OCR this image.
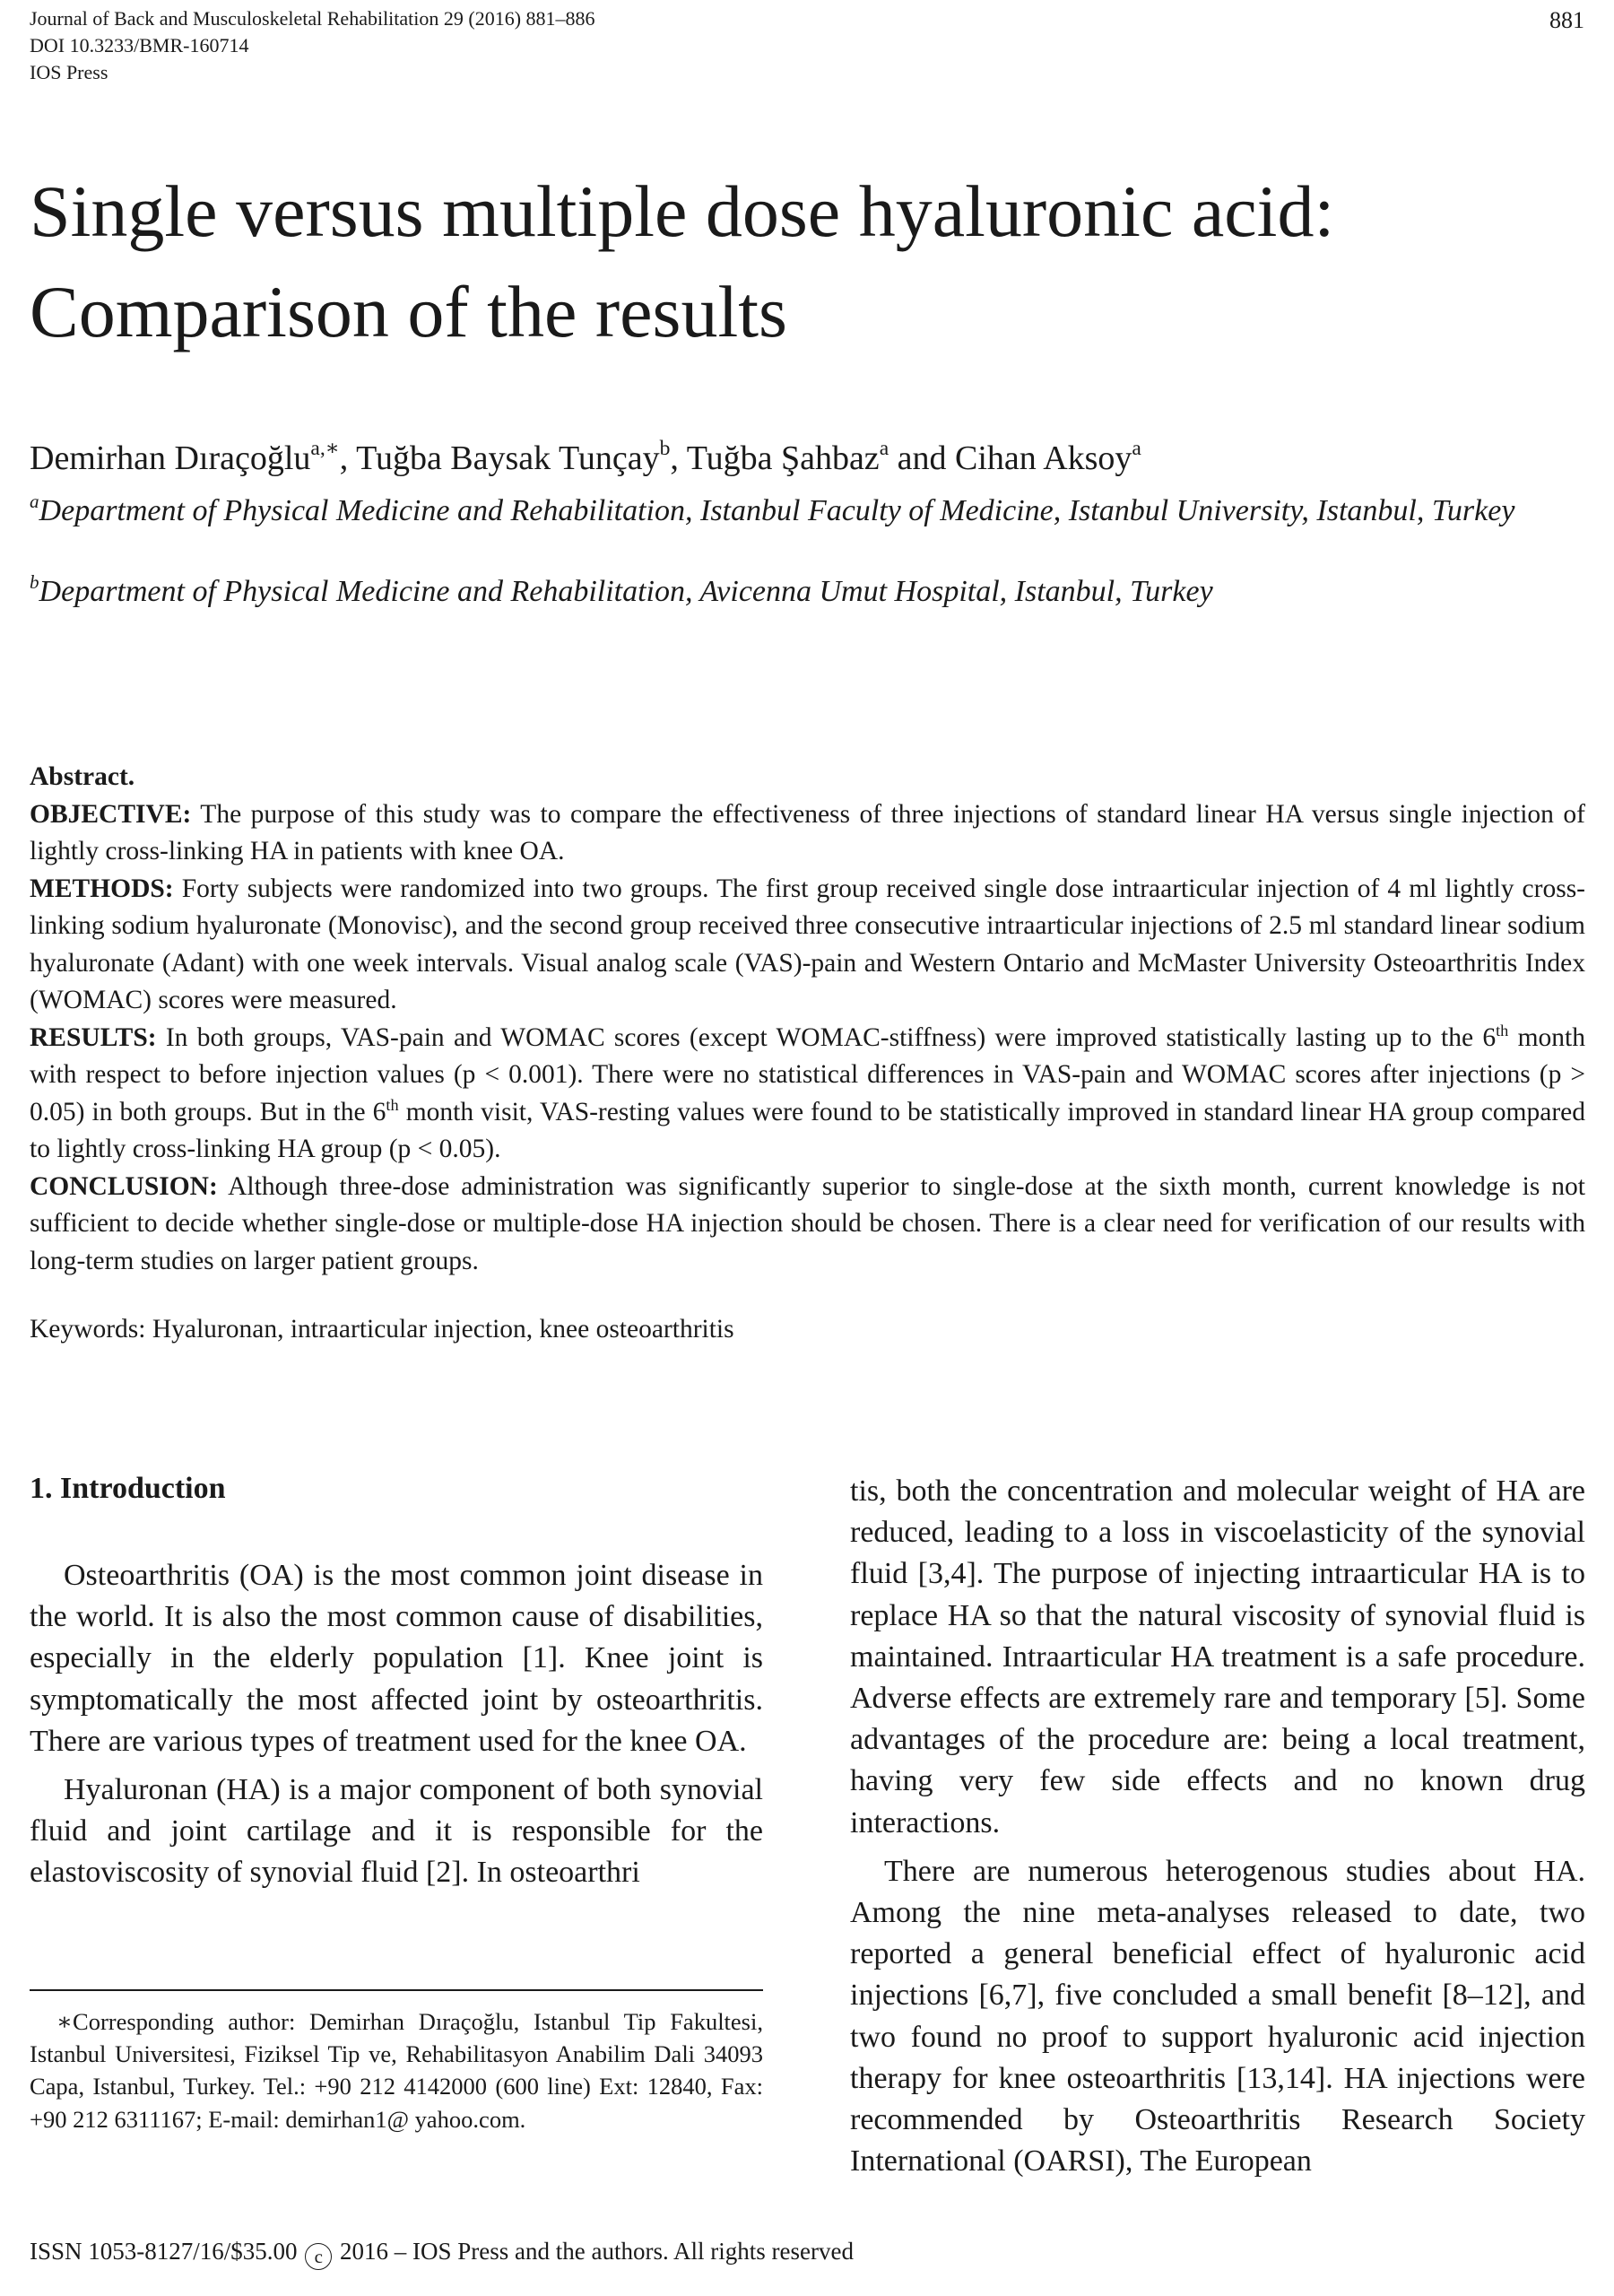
Journal of Back and Musculoskeletal Rehabilitation 29 (2016) 881–886
DOI 10.3233/BMR-160714
IOS Press
881
Single versus multiple dose hyaluronic acid:
Comparison of the results
Demirhan Dıraçoğlu$^{a,∗}$, Tuğba Baysak Tunçay$^b$, Tuğba Şahbaz$^a$ and Cihan Aksoy$^a$
$^a$Department of Physical Medicine and Rehabilitation, Istanbul Faculty of Medicine, Istanbul University, Istanbul, Turkey
$^b$Department of Physical Medicine and Rehabilitation, Avicenna Umut Hospital, Istanbul, Turkey

Abstract.

OBJECTIVE: The purpose of this study was to compare the effectiveness of three injections of standard linear HA versus single injection of lightly cross-linking HA in patients with knee OA.

METHODS: Forty subjects were randomized into two groups. The first group received single dose intraarticular injection of 4 ml lightly cross-linking sodium hyaluronate (Monovisc), and the second group received three consecutive intraarticular injections of 2.5 ml standard linear sodium hyaluronate (Adant) with one week intervals. Visual analog scale (VAS)-pain and Western Ontario and McMaster University Osteoarthritis Index (WOMAC) scores were measured.

RESULTS: In both groups, VAS-pain and WOMAC scores (except WOMAC-stiffness) were improved statistically lasting up to the 6th month with respect to before injection values (p < 0.001). There were no statistical differences in VAS-pain and WOMAC scores after injections (p > 0.05) in both groups. But in the 6th month visit, VAS-resting values were found to be statistically improved in standard linear HA group compared to lightly cross-linking HA group (p < 0.05).

CONCLUSION: Although three-dose administration was significantly superior to single-dose at the sixth month, current knowledge is not sufficient to decide whether single-dose or multiple-dose HA injection should be chosen. There is a clear need for verification of our results with long-term studies on larger patient groups.

Keywords: Hyaluronan, intraarticular injection, knee osteoarthritis
1. Introduction

Osteoarthritis (OA) is the most common joint disease in the world. It is also the most common cause of disabilities, especially in the elderly population [1]. Knee joint is symptomatically the most affected joint by osteoarthritis. There are various types of treatment used for the knee OA.

Hyaluronan (HA) is a major component of both synovial fluid and joint cartilage and it is responsible for the elastoviscosity of synovial fluid [2]. In osteoarthri

∗Corresponding author: Demirhan Dıraçoğlu, Istanbul Tip Fakultesi, Istanbul Universitesi, Fiziksel Tip ve, Rehabilitasyon Anabilim Dali 34093 Capa, Istanbul, Turkey. Tel.: +90 212 4142000 (600 line) Ext: 12840, Fax: +90 212 6311167; E-mail: demirhan1@ yahoo.com.

tis, both the concentration and molecular weight of HA are reduced, leading to a loss in viscoelasticity of the synovial fluid [3,4]. The purpose of injecting intraarticular HA is to replace HA so that the natural viscosity of synovial fluid is maintained. Intraarticular HA treatment is a safe procedure. Adverse effects are extremely rare and temporary [5]. Some advantages of the procedure are: being a local treatment, having very few side effects and no known drug interactions.

There are numerous heterogenous studies about HA. Among the nine meta-analyses released to date, two reported a general beneficial effect of hyaluronic acid injections [6,7], five concluded a small benefit [8–12], and two found no proof to support hyaluronic acid injection therapy for knee osteoarthritis [13,14]. HA injections were recommended by Osteoarthritis Research Society International (OARSI), The European

ISSN 1053-8127/16/$35.00 c 2016 – IOS Press and the authors. All rights reserved
